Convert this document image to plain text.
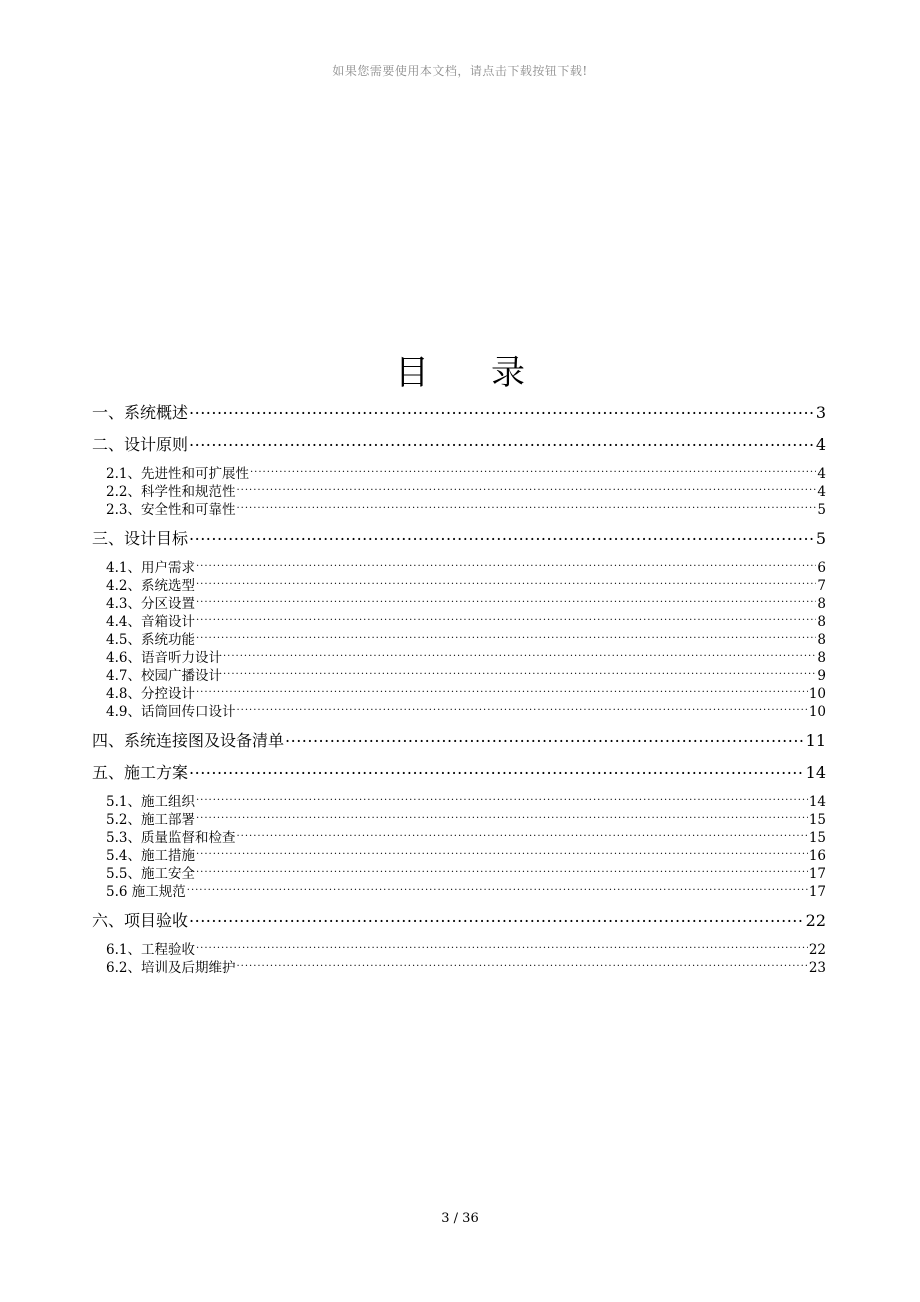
如果您需要使用本文档，请点击下载按钮下载!
目 录
一、系统概述 .....	3
二、设计原则 .....	4
2.1、先进性和可扩展性 .....	4
2.2、科学性和规范性 .....	4
2.3、安全性和可靠性 .....	5
三、设计目标 .....	5
4.1、用户需求 .....	6
4.2、系统选型 .....	7
4.3、分区设置 .....	8
4.4、音箱设计 .....	8
4.5、系统功能 .....	8
4.6、语音听力设计 .....	8
4.7、校园广播设计 .....	9
4.8、分控设计 .....	10
4.9、话筒回传口设计 .....	10
四、系统连接图及设备清单 .....	11
五、施工方案 .....	14
5.1、施工组织 .....	14
5.2、施工部署 .....	15
5.3、质量监督和检查 .....	15
5.4、施工措施 .....	16
5.5、施工安全 .....	17
5.6 施工规范 .....	17
六、项目验收 .....	22
6.1、工程验收 .....	22
6.2、培训及后期维护 .....	23
3 / 36
